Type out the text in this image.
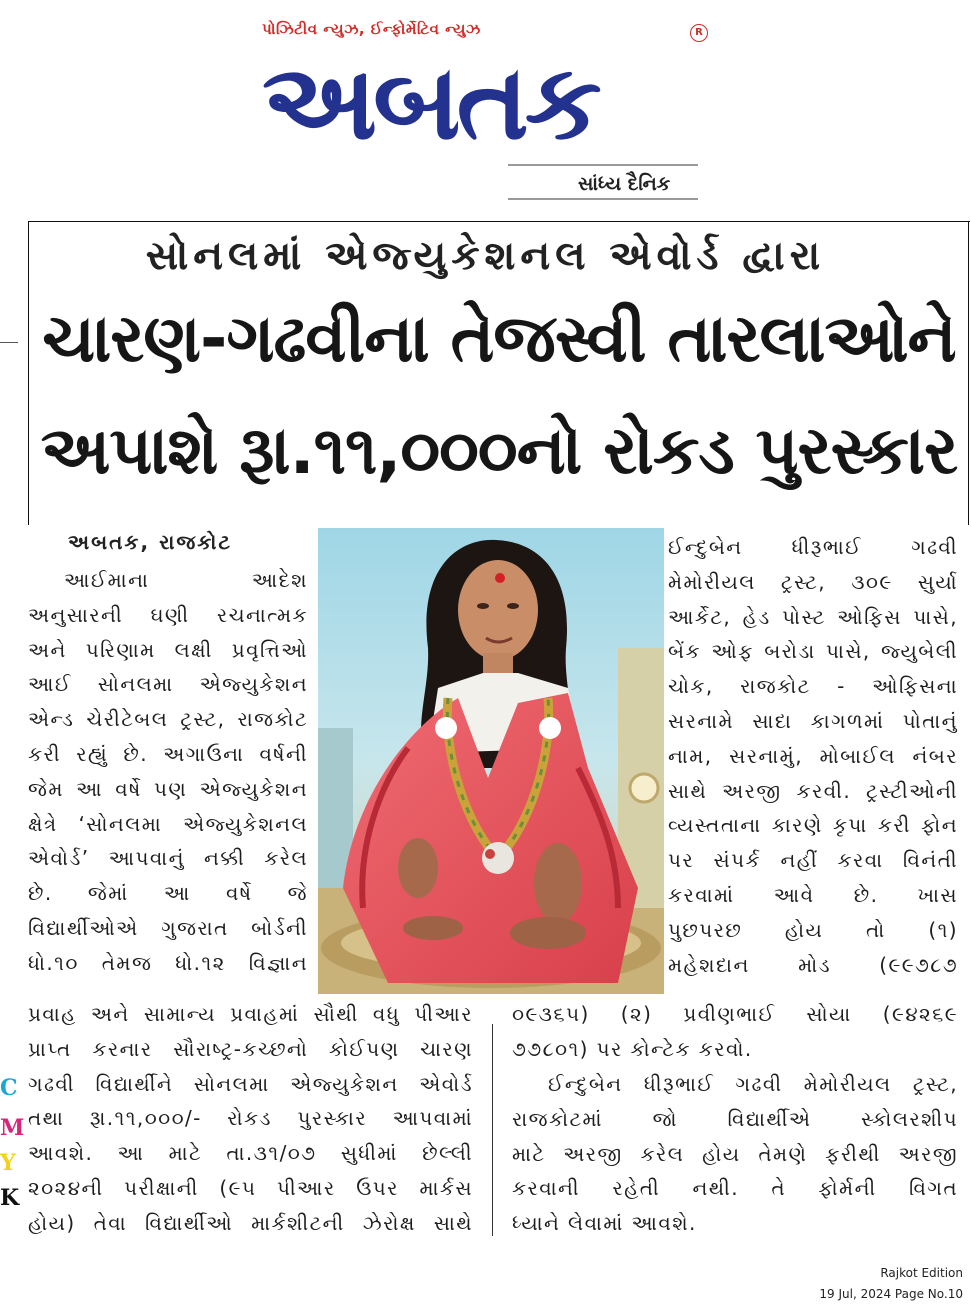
પોઝિટીવ ન્યુઝ, ઈન્ફોર્મેટિવ ન્યુઝ
અબતક
R
સાંધ્ય દૈનિક
સોનલમાં એજ્યુકેશનલ એવોર્ડ દ્વારા
ચારણ-ગઢવીના તેજસ્વી તારલાઓને
અપાશે રૂા.૧૧,૦૦૦નો રોકડ પુરસ્કાર
અબતક, રાજકોટ
આઈમાના આદેશ
અનુસારની ઘણી રચનાત્મક
અને પરિણામ લક્ષી પ્રવૃત્તિઓ
આઈ સોનલમા એજ્યુકેશન
એન્ડ ચેરીટેબલ ટ્રસ્ટ, રાજકોટ
કરી રહ્યું છે. અગાઉના વર્ષની
જેમ આ વર્ષે પણ એજ્યુકેશન
ક્ષેત્રે ‘સોનલમા એજ્યુકેશનલ
એવોર્ડ’ આપવાનું નક્કી કરેલ
છે. જેમાં આ વર્ષે જે
વિદ્યાર્થીઓએ ગુજરાત બોર્ડની
ધો.૧૦ તેમજ ધો.૧૨ વિજ્ઞાન
ઈન્દુબેન ધીરૂભાઈ ગઢવી
મેમોરીયલ ટ્રસ્ટ, ૩૦૯ સુર્યા
આર્કેટ, હેડ પોસ્ટ ઓફિસ પાસે,
બેંક ઓફ બરોડા પાસે, જ્યુબેલી
ચોક, રાજકોટ - ઓફિસના
સરનામે સાદા કાગળમાં પોતાનું
નામ, સરનામું, મોબાઈલ નંબર
સાથે અરજી કરવી. ટ્રસ્ટીઓની
વ્યસ્તતાના કારણે કૃપા કરી ફોન
પર સંપર્ક નહીં કરવા વિનંતી
કરવામાં આવે છે. ખાસ
પુછપરછ હોય તો (૧)
મહેશદાન મોડ (૯૯૭૮૭
પ્રવાહ અને સામાન્ય પ્રવાહમાં સૌથી વધુ પીઆર
પ્રાપ્ત કરનાર સૌરાષ્ટ્ર-કચ્છનો કોઈપણ ચારણ
ગઢવી વિદ્યાર્થીને સોનલમા એજ્યુકેશન એવોર્ડ
તથા રૂા.૧૧,૦૦૦/- રોકડ પુરસ્કાર આપવામાં
આવશે. આ માટે તા.૩૧/૦૭ સુધીમાં છેલ્લી
૨૦૨૪ની પરીક્ષાની (૯૫ પીઆર ઉપર માર્કસ
હોય) તેવા વિદ્યાર્થીઓ માર્કશીટની ઝેરોક્ષ સાથે
૦૯૩૬૫) (૨) પ્રવીણભાઈ સોયા (૯૪૨૬૯
૭૭૮૦૧) પર કોન્ટેક કરવો.
ઈન્દુબેન ધીરૂભાઈ ગઢવી મેમોરીયલ ટ્રસ્ટ,
રાજકોટમાં જો વિદ્યાર્થીએ સ્કોલરશીપ
માટે અરજી કરેલ હોય તેમણે ફરીથી અરજી
કરવાની રહેતી નથી. તે ફોર્મની વિગત
ધ્યાને લેવામાં આવશે.
C
M
Y
K
Rajkot Edition
19 Jul, 2024 Page No.10
